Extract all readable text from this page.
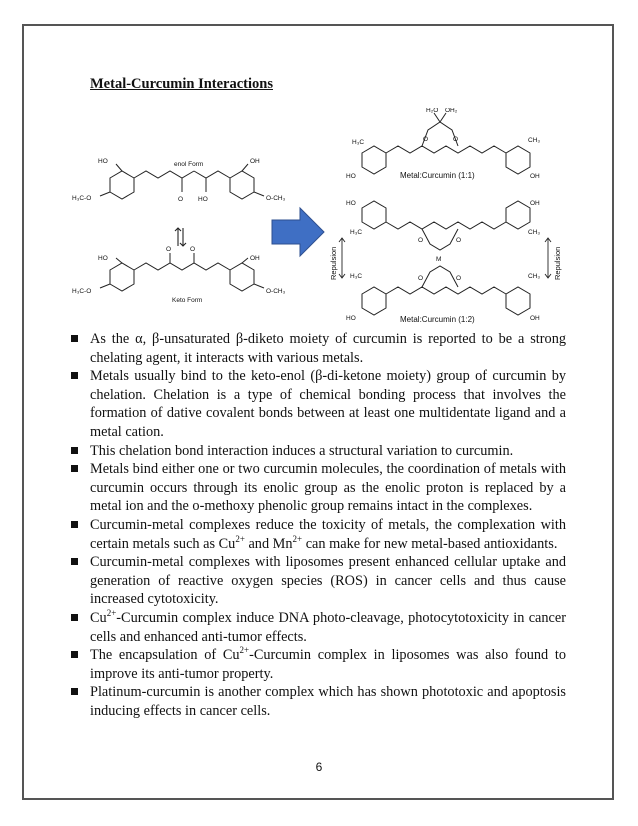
Metal-Curcumin Interactions
HO
H₃C-O
enol Form
O HO
OH
O-CH₃
HO
H₃C-O
O	O
OH
O-CH₃
Keto Form
H₂O OH₂
O	O
H₃C	CH₃
HO	OH
Metal:Curcumin (1:1)
M
O	O
O	O
HO	OH
H₃C	CH₃
H₃C	CH₃
HO	OH
Metal:Curcumin (1:2)
Repulsion	Repulsion
As the α, β-unsaturated β-diketo moiety of curcumin is reported to be a strong chelating agent, it interacts with various metals.
Metals usually bind to the keto-enol (β-di-ketone moiety) group of curcumin by chelation. Chelation is a type of chemical bonding process that involves the formation of dative covalent bonds between at least one multidentate ligand and a metal cation.
This chelation bond interaction induces a structural variation to curcumin.
Metals bind either one or two curcumin molecules, the coordination of metals with curcumin occurs through its enolic group as the enolic proton is replaced by a metal ion and the o-methoxy phenolic group remains intact in the complexes.
Curcumin-metal complexes reduce the toxicity of metals, the complexation with certain metals such as $Cu^{2+}$ and $Mn^{2+}$ can make for new metal-based antioxidants.
Curcumin-metal complexes with liposomes present enhanced cellular uptake and generation of reactive oxygen species (ROS) in cancer cells and thus cause increased cytotoxicity.
$Cu^{2+}$-Curcumin complex induce DNA photo-cleavage, photocytotoxicity in cancer cells and enhanced anti-tumor effects.
The encapsulation of $Cu^{2+}$-Curcumin complex in liposomes was also found to improve its anti-tumor property.
Platinum-curcumin is another complex which has shown phototoxic and apoptosis inducing effects in cancer cells.
6
